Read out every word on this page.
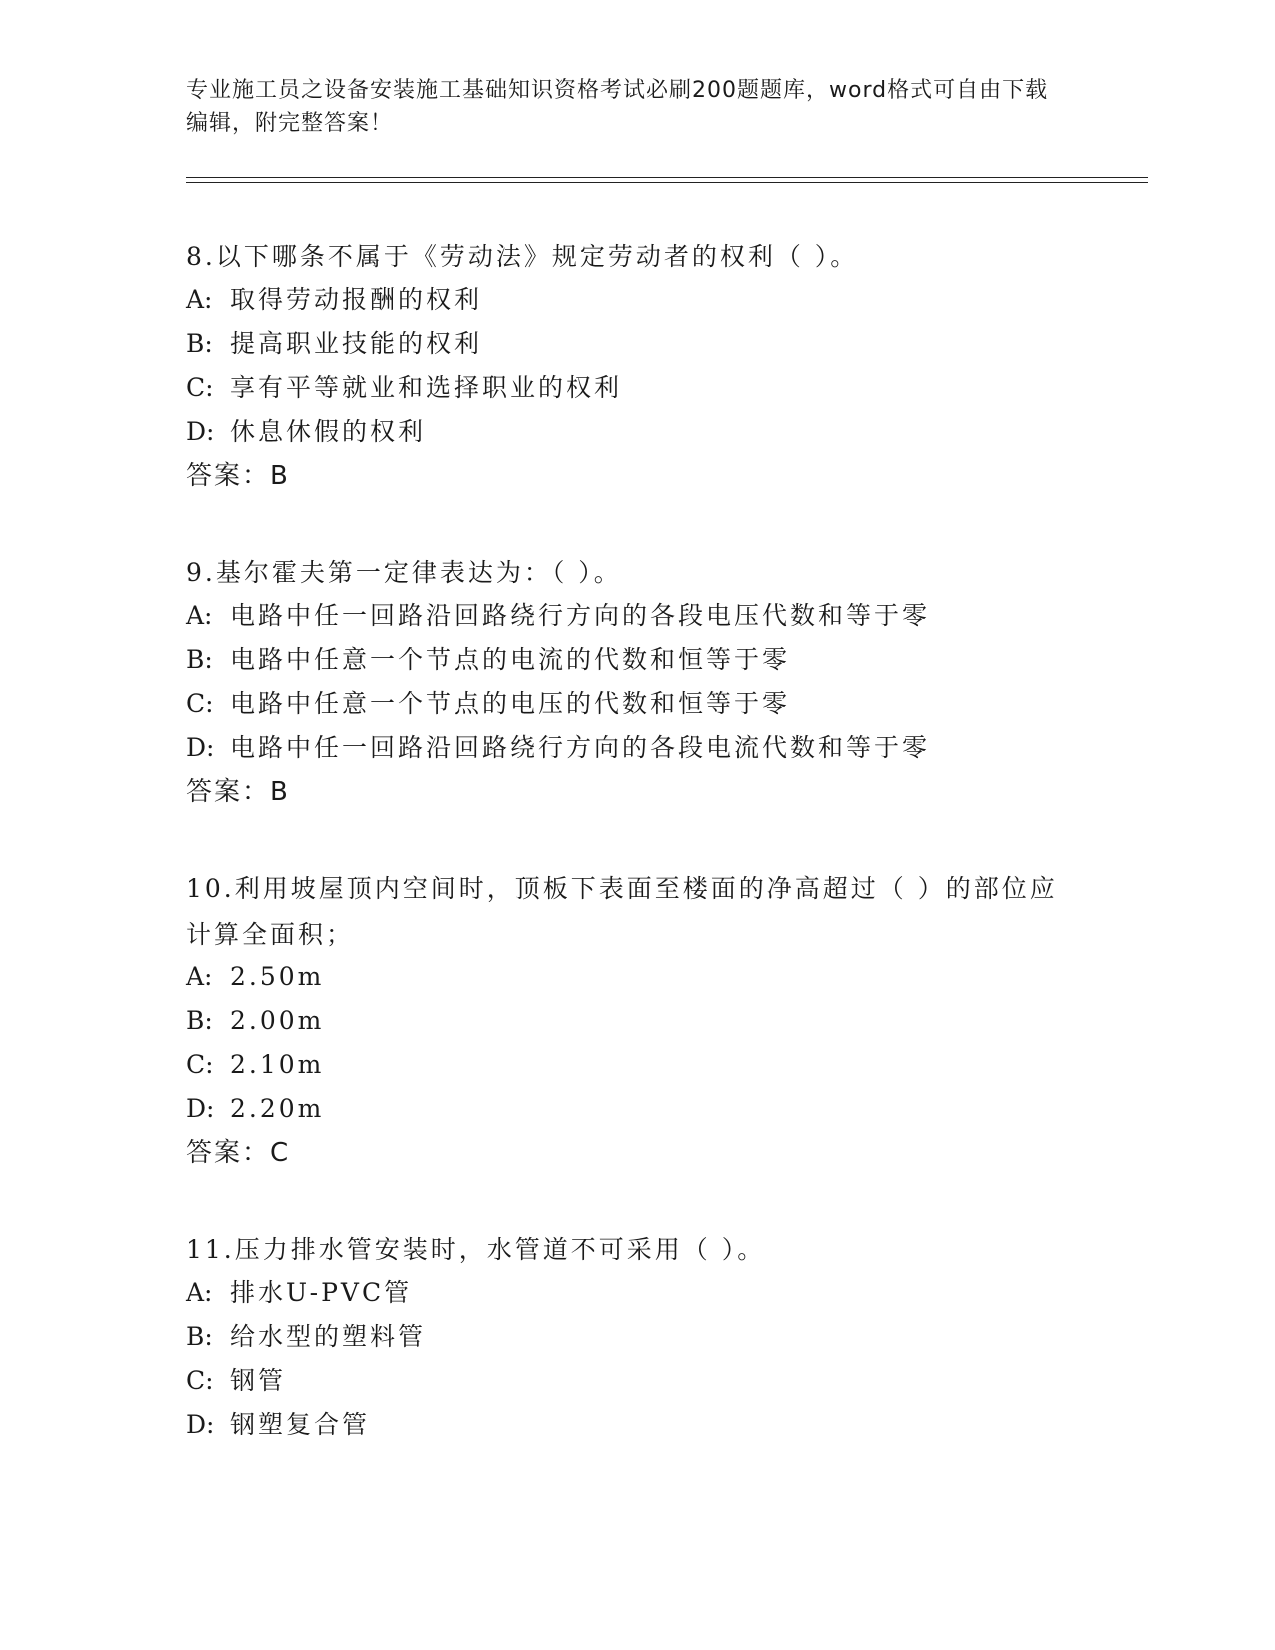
专业施工员之设备安装施工基础知识资格考试必刷200题题库，word格式可自由下载编辑，附完整答案！
8.以下哪条不属于《劳动法》规定劳动者的权利（ ）。
A: 取得劳动报酬的权利
B: 提高职业技能的权利
C: 享有平等就业和选择职业的权利
D: 休息休假的权利
答案：B
9.基尔霍夫第一定律表达为：（ ）。
A: 电路中任一回路沿回路绕行方向的各段电压代数和等于零
B: 电路中任意一个节点的电流的代数和恒等于零
C: 电路中任意一个节点的电压的代数和恒等于零
D: 电路中任一回路沿回路绕行方向的各段电流代数和等于零
答案：B
10.利用坡屋顶内空间时，顶板下表面至楼面的净高超过（ ）的部位应计算全面积；
A: 2.50m
B: 2.00m
C: 2.10m
D: 2.20m
答案：C
11.压力排水管安装时，水管道不可采用（ ）。
A: 排水U-PVC管
B: 给水型的塑料管
C: 钢管
D: 钢塑复合管
